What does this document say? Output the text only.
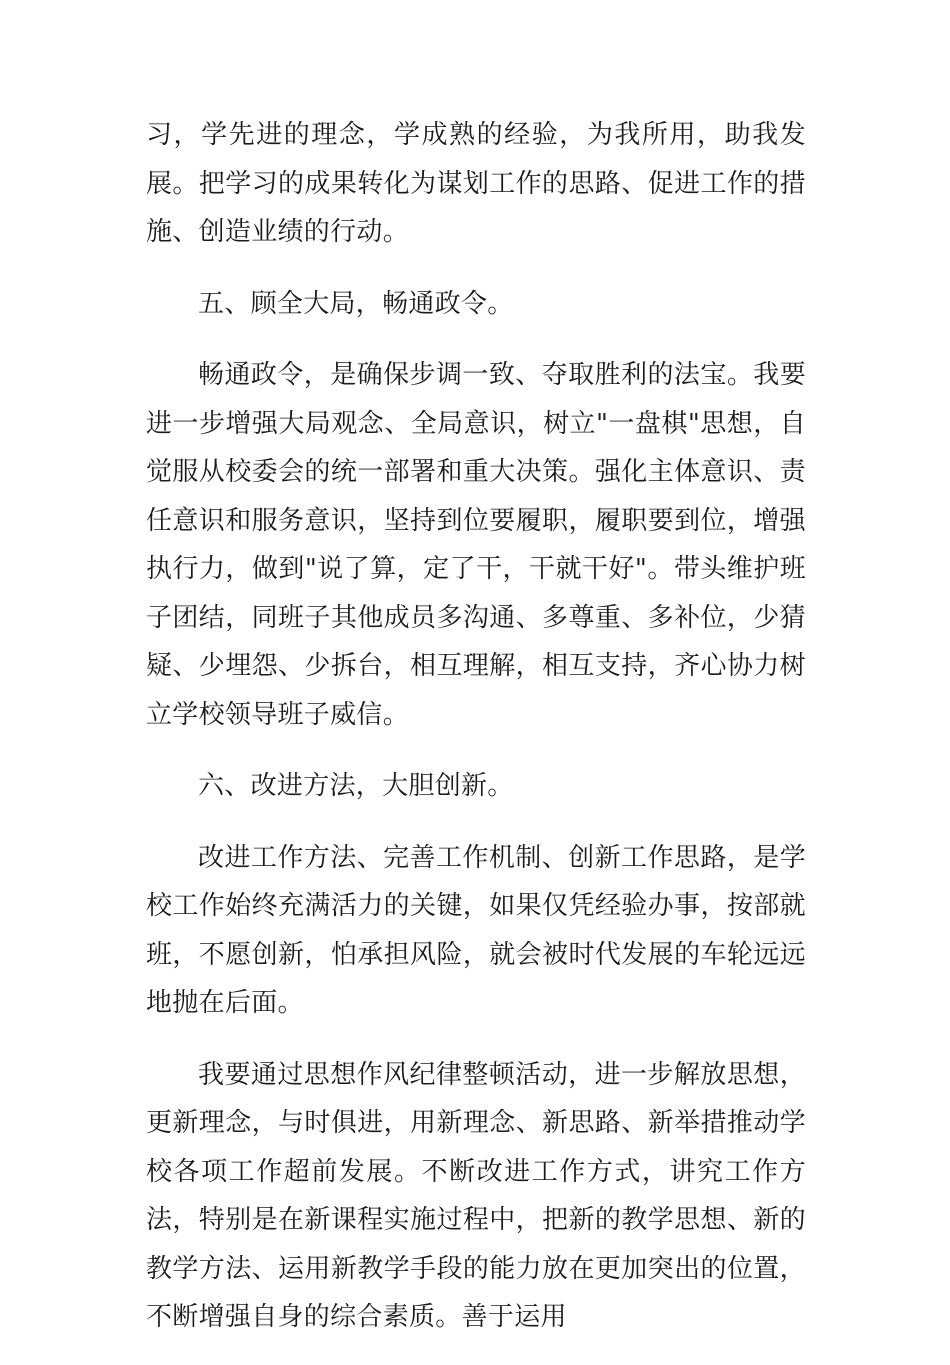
习，学先进的理念，学成熟的经验，为我所用，助我发展。把学习的成果转化为谋划工作的思路、促进工作的措施、创造业绩的行动。

五、顾全大局，畅通政令。

畅通政令，是确保步调一致、夺取胜利的法宝。我要进一步增强大局观念、全局意识，树立"一盘棋"思想，自觉服从校委会的统一部署和重大决策。强化主体意识、责任意识和服务意识，坚持到位要履职，履职要到位，增强执行力，做到"说了算，定了干，干就干好"。带头维护班子团结，同班子其他成员多沟通、多尊重、多补位，少猜疑、少埋怨、少拆台，相互理解，相互支持，齐心协力树立学校领导班子威信。

六、改进方法，大胆创新。

改进工作方法、完善工作机制、创新工作思路，是学校工作始终充满活力的关键，如果仅凭经验办事，按部就班，不愿创新，怕承担风险，就会被时代发展的车轮远远地抛在后面。

我要通过思想作风纪律整顿活动，进一步解放思想，更新理念，与时俱进，用新理念、新思路、新举措推动学校各项工作超前发展。不断改进工作方式，讲究工作方法，特别是在新课程实施过程中，把新的教学思想、新的教学方法、运用新教学手段的能力放在更加突出的位置，不断增强自身的综合素质。善于运用
